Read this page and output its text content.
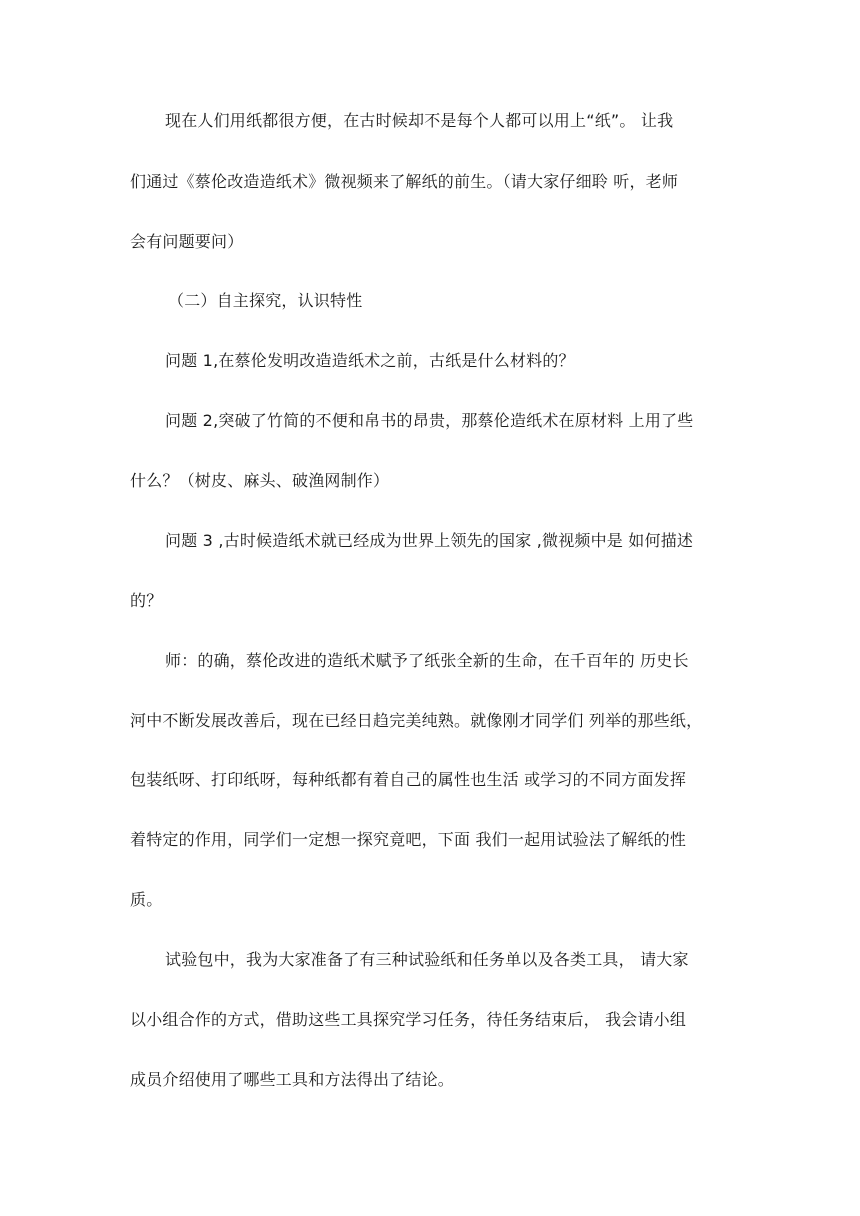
现在人们用纸都很方便，在古时候却不是每个人都可以用上“纸”。 让我
们通过《蔡伦改造造纸术》微视频来了解纸的前生。（请大家仔细聆 听，老师
会有问题要问）
（二）自主探究，认识特性
问题 1,在蔡伦发明改造造纸术之前，古纸是什么材料的？
问题 2,突破了竹简的不便和帛书的昂贵，那蔡伦造纸术在原材料 上用了些
什么？（树皮、麻头、破渔网制作）
问题 3 ,古时候造纸术就已经成为世界上领先的国家 ,微视频中是 如何描述
的？
师：的确，蔡伦改进的造纸术赋予了纸张全新的生命，在千百年的 历史长
河中不断发展改善后，现在已经日趋完美纯熟。就像刚才同学们 列举的那些纸，
包装纸呀、打印纸呀，每种纸都有着自己的属性也生活 或学习的不同方面发挥
着特定的作用，同学们一定想一探究竟吧，下面 我们一起用试验法了解纸的性
质。
试验包中，我为大家准备了有三种试验纸和任务单以及各类工具， 请大家
以小组合作的方式，借助这些工具探究学习任务，待任务结束后， 我会请小组
成员介绍使用了哪些工具和方法得出了结论。
